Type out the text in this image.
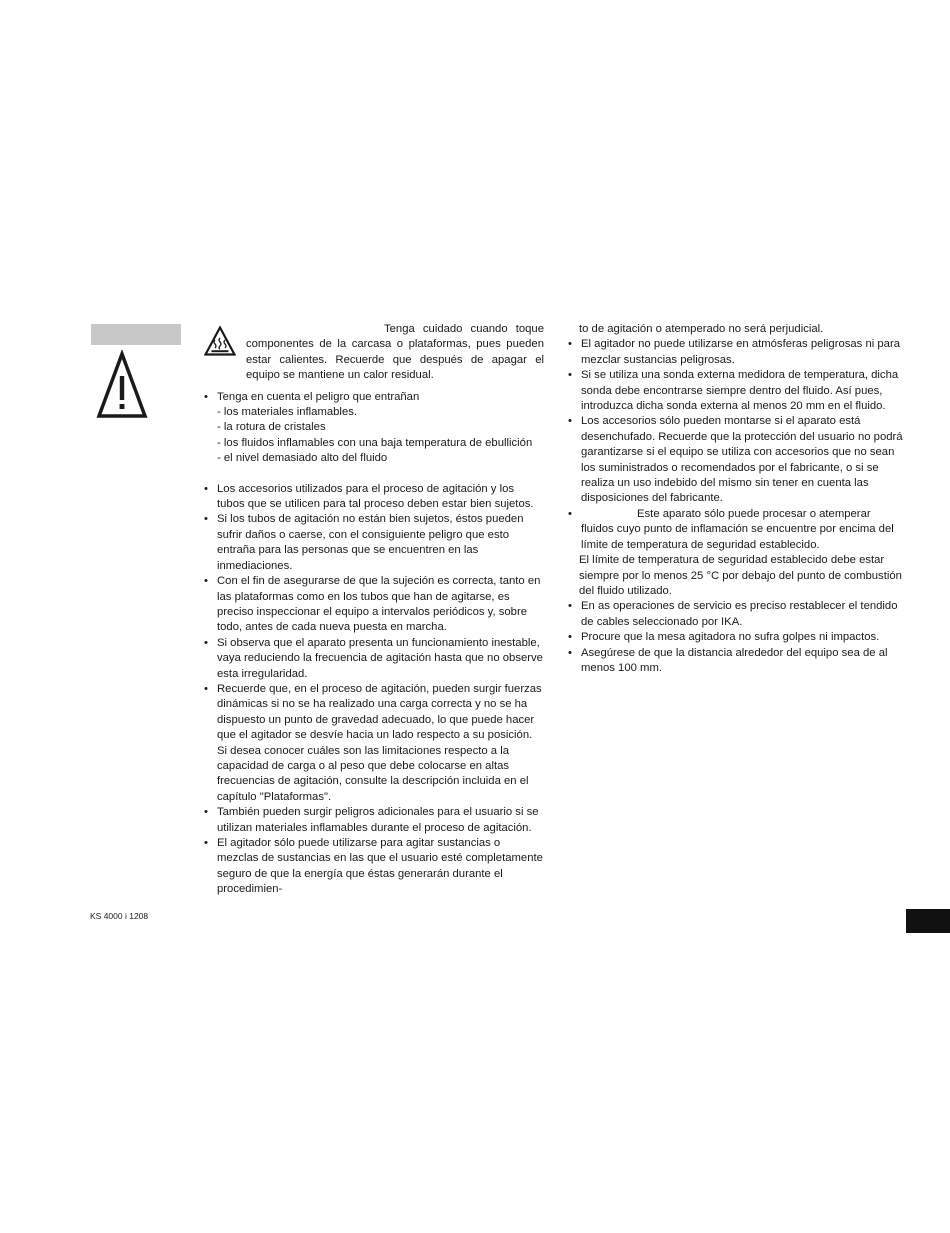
Tenga cuidado cuando toque componentes de la carcasa o plataformas, pues pueden estar calientes. Recuerde que después de apagar el equipo se mantiene un calor residual.

• Tenga en cuenta el peligro que entrañan

- los materiales inflamables.

- la rotura de cristales

- los fluidos inflamables con una baja temperatura de ebullición

- el nivel demasiado alto del fluido

• Los accesorios utilizados para el proceso de agitación y los tubos que se utilicen para tal proceso deben estar bien sujetos.

• Si los tubos de agitación no están bien sujetos, éstos pueden sufrir daños o caerse, con el consiguiente peligro que esto entraña para las personas que se encuentren en las inmediaciones.

• Con el fin de asegurarse de que la sujeción es correcta, tanto en las plataformas como en los tubos que han de agitarse, es preciso inspeccionar el equipo a intervalos periódicos y, sobre todo, antes de cada nueva puesta en marcha.

• Si observa que el aparato presenta un funcionamiento inestable, vaya reduciendo la frecuencia de agitación hasta que no observe esta irregularidad.

• Recuerde que, en el proceso de agitación, pueden surgir fuerzas dinámicas si no se ha realizado una carga correcta y no se ha dispuesto un punto de gravedad adecuado, lo que puede hacer que el agitador se desvíe hacia un lado respecto a su posición. Si desea conocer cuáles son las limitaciones respecto a la capacidad de carga o al peso que debe colocarse en altas frecuencias de agitación, consulte la descripción incluida en el capítulo "Plataformas".

• También pueden surgir peligros adicionales para el usuario si se utilizan materiales inflamables durante el proceso de agitación.

• El agitador sólo puede utilizarse para agitar sustancias o mezclas de sustancias en las que el usuario esté completamente seguro de que la energía que éstas generarán durante el procedimien-

to de agitación o atemperado no será perjudicial.

• El agitador no puede utilizarse en atmósferas peligrosas ni para mezclar sustancias peligrosas.

• Si se utiliza una sonda externa medidora de temperatura, dicha sonda debe encontrarse siempre dentro del fluido. Así pues, introduzca dicha sonda externa al menos 20 mm en el fluido.

• Los accesorios sólo pueden montarse si el aparato está desenchufado. Recuerde que la protección del usuario no podrá garantizarse si el equipo se utiliza con accesorios que no sean los suministrados o recomendados por el fabricante, o si se realiza un uso indebido del mismo sin tener en cuenta las disposiciones del fabricante.

• Este aparato sólo puede procesar o atemperar fluidos cuyo punto de inflamación se encuentre por encima del límite de temperatura de seguridad establecido.

El límite de temperatura de seguridad establecido debe estar siempre por lo menos 25 °C por debajo del punto de combustión del fluido utilizado.

• En as operaciones de servicio es preciso restablecer el tendido de cables seleccionado por IKA.

• Procure que la mesa agitadora no sufra golpes ni impactos.

• Asegúrese de que la distancia alrededor del equipo sea de al menos 100 mm.

KS 4000 i 1208
